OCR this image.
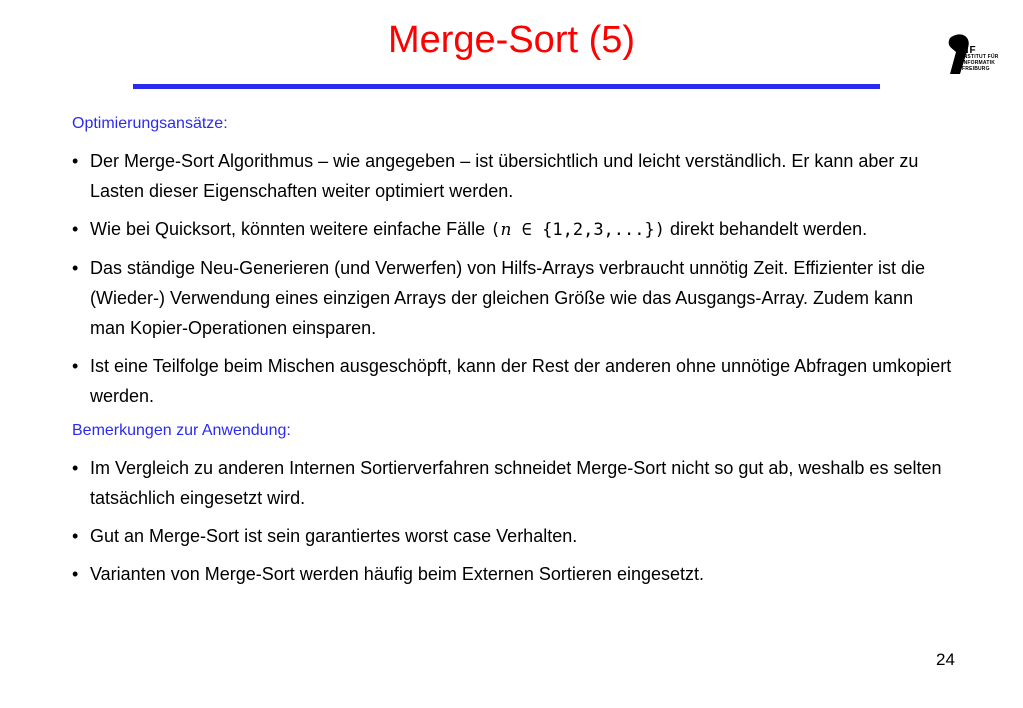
Merge-Sort (5)	IIF
INSTITUT FÜR
INFORMATIK
FREIBURG
Optimierungsansätze:
• Der Merge-Sort Algorithmus – wie angegeben – ist übersichtlich und leicht verständlich. Er kann aber zu Lasten dieser Eigenschaften weiter optimiert werden.
• Wie bei Quicksort, könnten weitere einfache Fälle (n ∈ {1,2,3,...}) direkt behandelt werden.
• Das ständige Neu-Generieren (und Verwerfen) von Hilfs-Arrays verbraucht unnötig Zeit. Effizienter ist die (Wieder-) Verwendung eines einzigen Arrays der gleichen Größe wie das Ausgangs-Array. Zudem kann man Kopier-Operationen einsparen.
• Ist eine Teilfolge beim Mischen ausgeschöpft, kann der Rest der anderen ohne unnötige Abfragen umkopiert werden.
Bemerkungen zur Anwendung:
• Im Vergleich zu anderen Internen Sortierverfahren schneidet Merge-Sort nicht so gut ab, weshalb es selten tatsächlich eingesetzt wird.
• Gut an Merge-Sort ist sein garantiertes worst case Verhalten.
• Varianten von Merge-Sort werden häufig beim Externen Sortieren eingesetzt.
24
